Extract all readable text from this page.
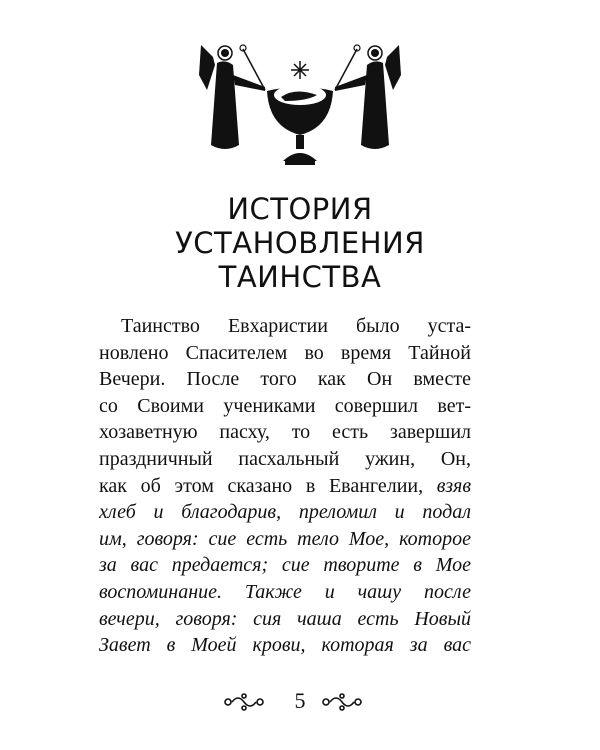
ИСТОРИЯ
УСТАНОВЛЕНИЯ
ТАИНСТВА
Таинство Евхаристии было уста-
новлено Спасителем во время Тайной
Вечери. После того как Он вместе
со Своими учениками совершил вет-
хозаветную пасху, то есть завершил
праздничный пасхальный ужин, Он,
как об этом сказано в Евангелии, взяв
хлеб и благодарив, преломил и подал
им, говоря: сие есть тело Мое, которое
за вас предается; сие творите в Мое
воспоминание. Также и чашу после
вечери, говоря: сия чаша есть Новый
Завет в Моей крови, которая за вас
5
